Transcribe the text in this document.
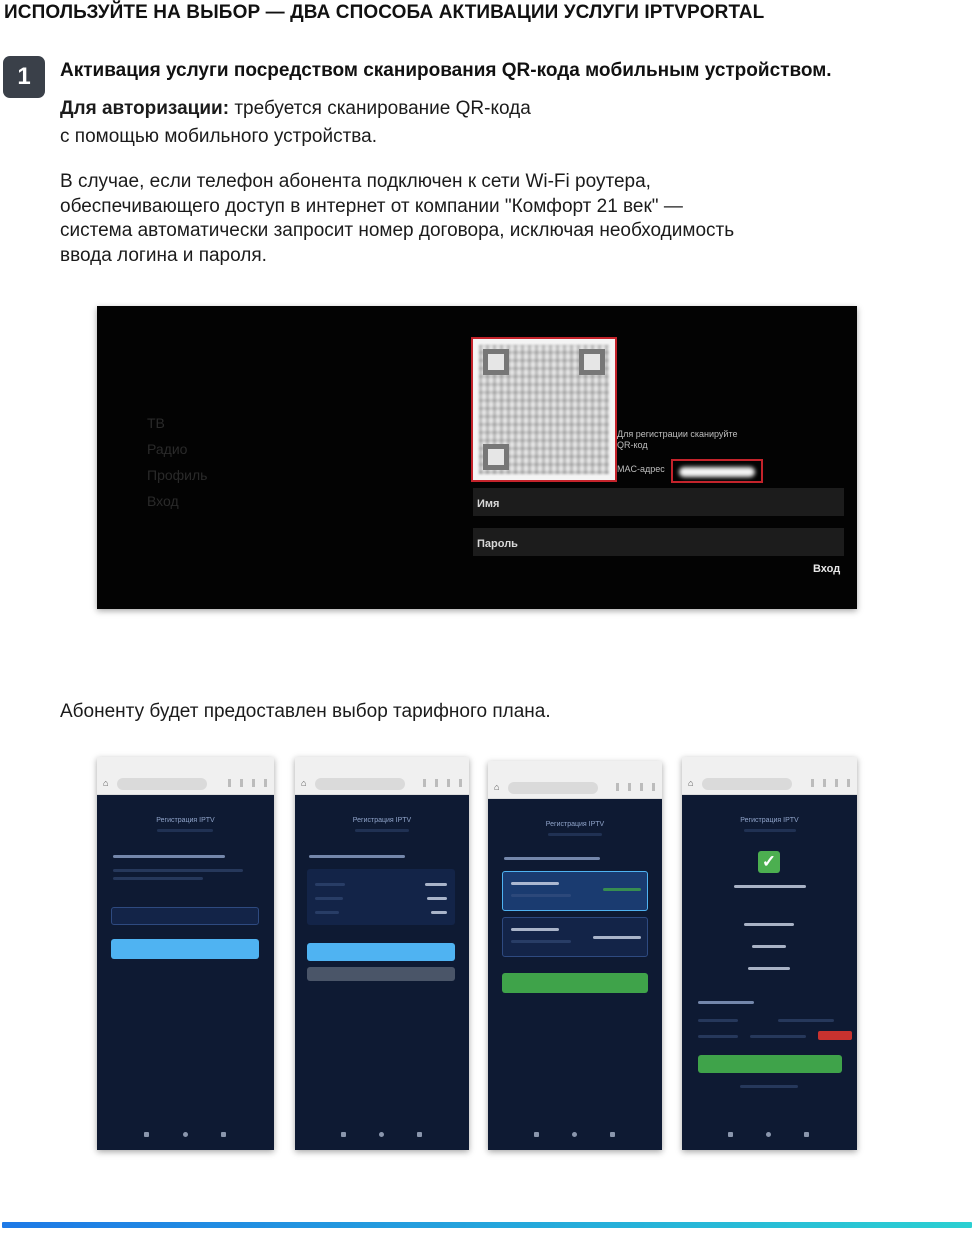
ИСПОЛЬЗУЙТЕ НА ВЫБОР — ДВА СПОСОБА АКТИВАЦИИ УСЛУГИ IPTVPORTAL
1	Активация услуги посредством сканирования QR-кода мобильным устройством.
Для авторизации: требуется сканирование QR-кода
с помощью мобильного устройства.
В случае, если телефон абонента подключен к сети Wi-Fi роутера,
обеспечивающего доступ в интернет от компании "Комфорт 21 век" —
система автоматически запросит номер договора, исключая необходимость
ввода логина и пароля.
ТВ
Радио
Профиль
Вход
Для регистрации сканируйте
QR-код
MAC-адрес
Имя
Пароль
Вход
Абоненту будет предоставлен выбор тарифного плана.
⌂
Регистрация IPTV
⌂
Регистрация IPTV
⌂
Регистрация IPTV
⌂
Регистрация IPTV
✓
